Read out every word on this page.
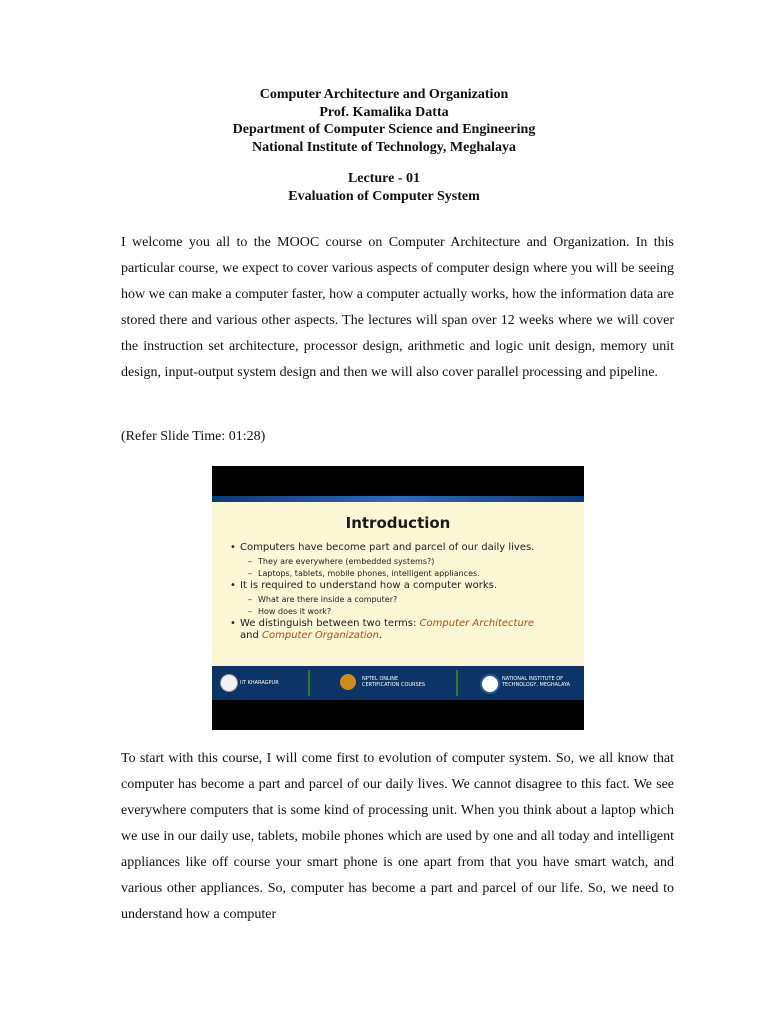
Computer Architecture and Organization
Prof. Kamalika Datta
Department of Computer Science and Engineering
National Institute of Technology, Meghalaya
Lecture - 01
Evaluation of Computer System

I welcome you all to the MOOC course on Computer Architecture and Organization. In this particular course, we expect to cover various aspects of computer design where you will be seeing how we can make a computer faster, how a computer actually works, how the information data are stored there and various other aspects. The lectures will span over 12 weeks where we will cover the instruction set architecture, processor design, arithmetic and logic unit design, memory unit design, input-output system design and then we will also cover parallel processing and pipeline.

(Refer Slide Time: 01:28)
Introduction
• Computers have become part and parcel of our daily lives.
– They are everywhere (embedded systems?)
– Laptops, tablets, mobile phones, intelligent appliances.
• It is required to understand how a computer works.
– What are there inside a computer?
– How does it work?
• We distinguish between two terms: Computer Architecture
and Computer Organization.
IIT KHARAGPUR
NPTEL ONLINE
CERTIFICATION COURSES
NATIONAL INSTITUTE OF
TECHNOLOGY, MEGHALAYA

To start with this course, I will come first to evolution of computer system. So, we all know that computer has become a part and parcel of our daily lives. We cannot disagree to this fact. We see everywhere computers that is some kind of processing unit. When you think about a laptop which we use in our daily use, tablets, mobile phones which are used by one and all today and intelligent appliances like off course your smart phone is one apart from that you have smart watch, and various other appliances. So, computer has become a part and parcel of our life. So, we need to understand how a computer
